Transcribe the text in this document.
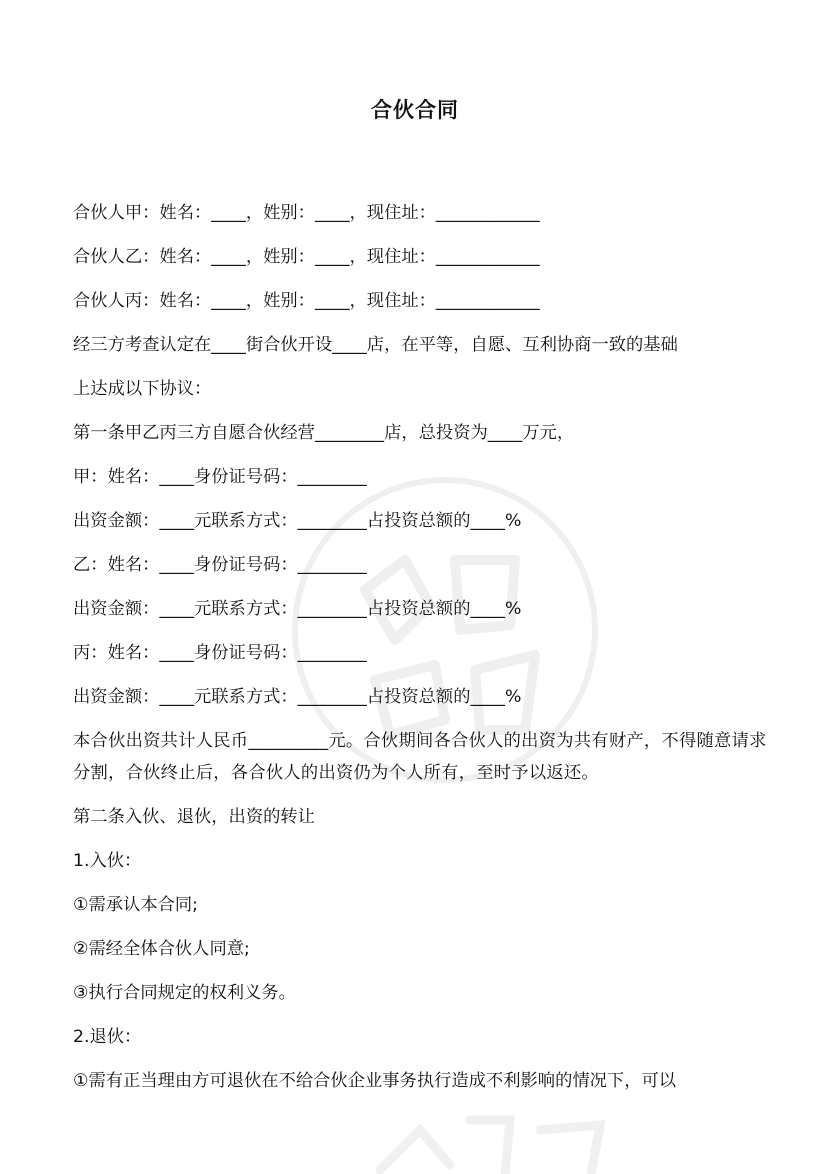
合伙合同
合伙人甲：姓名：____，姓别：____，现住址：____________
合伙人乙：姓名：____，姓别：____，现住址：____________
合伙人丙：姓名：____，姓别：____，现住址：____________
经三方考查认定在____街合伙开设____店，在平等，自愿、互利协商一致的基础
上达成以下协议：
第一条甲乙丙三方自愿合伙经营________店，总投资为____万元，
甲：姓名：____身份证号码：________
出资金额：____元联系方式：________占投资总额的____%
乙：姓名：____身份证号码：________
出资金额：____元联系方式：________占投资总额的____%
丙：姓名：____身份证号码：________
出资金额：____元联系方式：________占投资总额的____%
本合伙出资共计人民币_________元。合伙期间各合伙人的出资为共有财产，不得随意请求分割，合伙终止后，各合伙人的出资仍为个人所有，至时予以返还。
第二条入伙、退伙，出资的转让
1.入伙：
①需承认本合同;
②需经全体合伙人同意;
③执行合同规定的权利义务。
2.退伙：
①需有正当理由方可退伙在不给合伙企业事务执行造成不利影响的情况下，可以
